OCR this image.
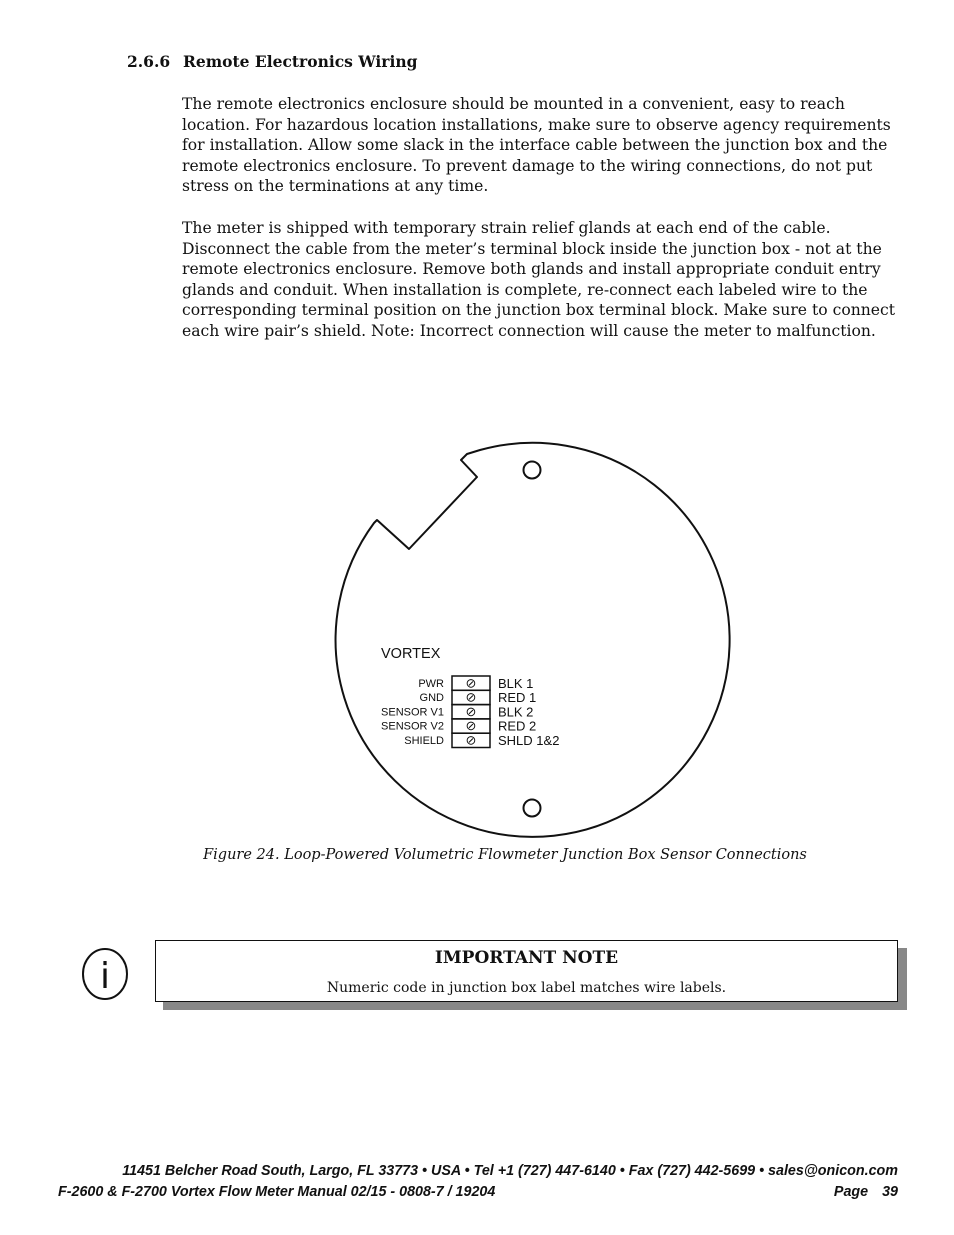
2.6.6 Remote Electronics Wiring

The remote electronics enclosure should be mounted in a convenient, easy to reach location. For hazardous location installations, make sure to observe agency requirements for installation. Allow some slack in the interface cable between the junction box and the remote electronics enclosure. To prevent damage to the wiring connections, do not put stress on the terminations at any time.

The meter is shipped with temporary strain relief glands at each end of the cable. Disconnect the cable from the meter’s terminal block inside the junction box - not at the remote electronics enclosure. Remove both glands and install appropriate conduit entry glands and conduit. When installation is complete, re-connect each labeled wire to the corresponding terminal position on the junction box terminal block. Make sure to connect each wire pair’s shield. Note: Incorrect connection will cause the meter to malfunction.

VORTEX
⊘
PWR	BLK 1
⊘
GND	RED 1
⊘
SENSOR V1	BLK 2
⊘
SENSOR V2	RED 2
⊘
SHIELD	SHLD 1&2
Figure 24. Loop-Powered Volumetric Flowmeter Junction Box Sensor Connections
i	IMPORTANT NOTE
Numeric code in junction box label matches wire labels.
11451 Belcher Road South, Largo, FL 33773 • USA • Tel +1 (727) 447-6140 • Fax (727) 442-5699 • sales@onicon.com
F-2600 & F-2700 Vortex Flow Meter Manual 02/15 - 0808-7 / 19204	Page 39
